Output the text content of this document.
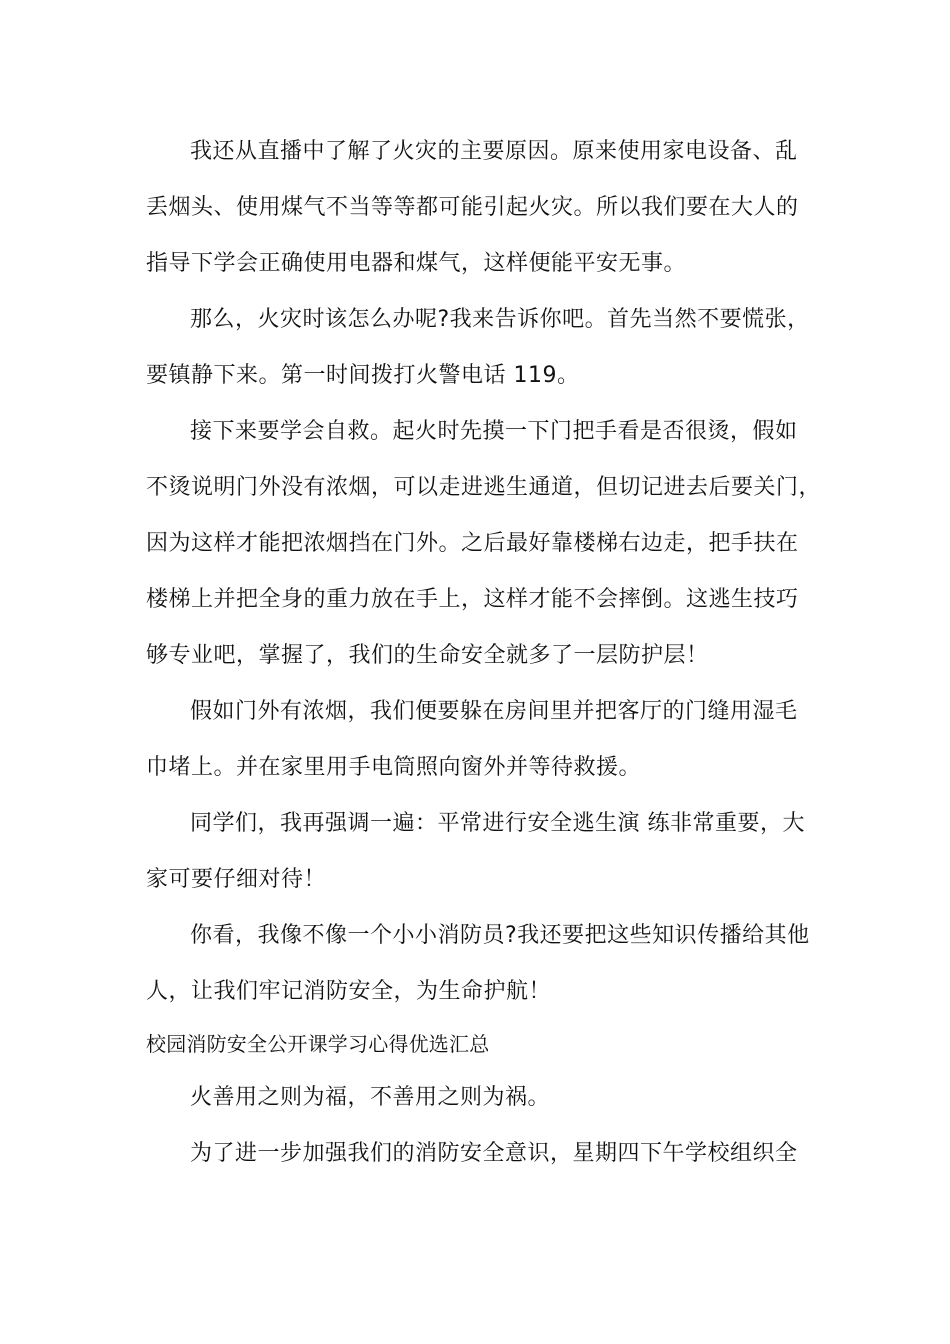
我还从直播中了解了火灾的主要原因。原来使用家电设备、乱
丢烟头、使用煤气不当等等都可能引起火灾。所以我们要在大人的
指导下学会正确使用电器和煤气，这样便能平安无事。
那么，火灾时该怎么办呢?我来告诉你吧。首先当然不要慌张，
要镇静下来。第一时间拨打火警电话 119。
接下来要学会自救。起火时先摸一下门把手看是否很烫，假如
不烫说明门外没有浓烟，可以走进逃生通道，但切记进去后要关门，
因为这样才能把浓烟挡在门外。之后最好靠楼梯右边走，把手扶在
楼梯上并把全身的重力放在手上，这样才能不会摔倒。这逃生技巧
够专业吧，掌握了，我们的生命安全就多了一层防护层！
假如门外有浓烟，我们便要躲在房间里并把客厅的门缝用湿毛
巾堵上。并在家里用手电筒照向窗外并等待救援。
同学们，我再强调一遍：平常进行安全逃生演 练非常重要，大
家可要仔细对待！
你看，我像不像一个小小消防员?我还要把这些知识传播给其他
人，让我们牢记消防安全，为生命护航！
校园消防安全公开课学习心得优选汇总
火善用之则为福，不善用之则为祸。
为了进一步加强我们的消防安全意识，星期四下午学校组织全
